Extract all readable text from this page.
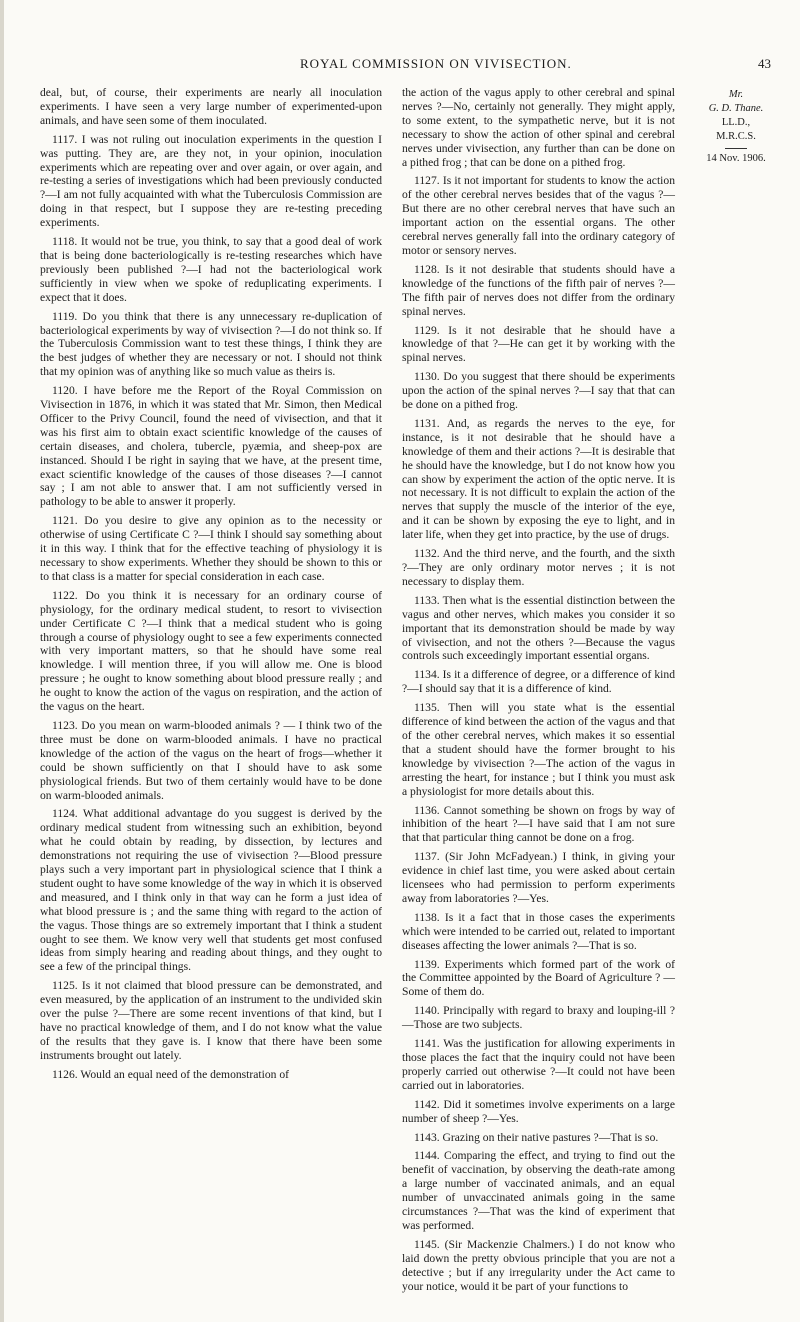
ROYAL COMMISSION ON VIVISECTION.	43

deal, but, of course, their experiments are nearly all inoculation experiments. I have seen a very large number of experimented-upon animals, and have seen some of them inoculated.

1117. I was not ruling out inoculation experiments in the question I was putting. They are, are they not, in your opinion, inoculation experiments which are repeating over and over again, or over again, and re-testing a series of investigations which had been previously conducted ?—I am not fully acquainted with what the Tuberculosis Commission are doing in that respect, but I suppose they are re-testing preceding experiments.

1118. It would not be true, you think, to say that a good deal of work that is being done bacteriologically is re-testing researches which have previously been published ?—I had not the bacteriological work sufficiently in view when we spoke of reduplicating experiments. I expect that it does.

1119. Do you think that there is any unnecessary re-duplication of bacteriological experiments by way of vivisection ?—I do not think so. If the Tuberculosis Commission want to test these things, I think they are the best judges of whether they are necessary or not. I should not think that my opinion was of anything like so much value as theirs is.

1120. I have before me the Report of the Royal Commission on Vivisection in 1876, in which it was stated that Mr. Simon, then Medical Officer to the Privy Council, found the need of vivisection, and that it was his first aim to obtain exact scientific knowledge of the causes of certain diseases, and cholera, tubercle, pyæmia, and sheep-pox are instanced. Should I be right in saying that we have, at the present time, exact scientific knowledge of the causes of those diseases ?—I cannot say ; I am not able to answer that. I am not sufficiently versed in pathology to be able to answer it properly.

1121. Do you desire to give any opinion as to the necessity or otherwise of using Certificate C ?—I think I should say something about it in this way. I think that for the effective teaching of physiology it is necessary to show experiments. Whether they should be shown to this or to that class is a matter for special consideration in each case.

1122. Do you think it is necessary for an ordinary course of physiology, for the ordinary medical student, to resort to vivisection under Certificate C ?—I think that a medical student who is going through a course of physiology ought to see a few experiments connected with very important matters, so that he should have some real knowledge. I will mention three, if you will allow me. One is blood pressure ; he ought to know something about blood pressure really ; and he ought to know the action of the vagus on respiration, and the action of the vagus on the heart.

1123. Do you mean on warm-blooded animals ? — I think two of the three must be done on warm-blooded animals. I have no practical knowledge of the action of the vagus on the heart of frogs—whether it could be shown sufficiently on that I should have to ask some physiological friends. But two of them certainly would have to be done on warm-blooded animals.

1124. What additional advantage do you suggest is derived by the ordinary medical student from witnessing such an exhibition, beyond what he could obtain by reading, by dissection, by lectures and demonstrations not requiring the use of vivisection ?—Blood pressure plays such a very important part in physiological science that I think a student ought to have some knowledge of the way in which it is observed and measured, and I think only in that way can he form a just idea of what blood pressure is ; and the same thing with regard to the action of the vagus. Those things are so extremely important that I think a student ought to see them. We know very well that students get most confused ideas from simply hearing and reading about things, and they ought to see a few of the principal things.

1125. Is it not claimed that blood pressure can be demonstrated, and even measured, by the application of an instrument to the undivided skin over the pulse ?—There are some recent inventions of that kind, but I have no practical knowledge of them, and I do not know what the value of the results that they gave is. I know that there have been some instruments brought out lately.

1126. Would an equal need of the demonstration of

the action of the vagus apply to other cerebral and spinal nerves ?—No, certainly not generally. They might apply, to some extent, to the sympathetic nerve, but it is not necessary to show the action of other spinal and cerebral nerves under vivisection, any further than can be done on a pithed frog ; that can be done on a pithed frog.

1127. Is it not important for students to know the action of the other cerebral nerves besides that of the vagus ?—But there are no other cerebral nerves that have such an important action on the essential organs. The other cerebral nerves generally fall into the ordinary category of motor or sensory nerves.

1128. Is it not desirable that students should have a knowledge of the functions of the fifth pair of nerves ?—The fifth pair of nerves does not differ from the ordinary spinal nerves.

1129. Is it not desirable that he should have a knowledge of that ?—He can get it by working with the spinal nerves.

1130. Do you suggest that there should be experiments upon the action of the spinal nerves ?—I say that that can be done on a pithed frog.

1131. And, as regards the nerves to the eye, for instance, is it not desirable that he should have a knowledge of them and their actions ?—It is desirable that he should have the knowledge, but I do not know how you can show by experiment the action of the optic nerve. It is not necessary. It is not difficult to explain the action of the nerves that supply the muscle of the interior of the eye, and it can be shown by exposing the eye to light, and in later life, when they get into practice, by the use of drugs.

1132. And the third nerve, and the fourth, and the sixth ?—They are only ordinary motor nerves ; it is not necessary to display them.

1133. Then what is the essential distinction between the vagus and other nerves, which makes you consider it so important that its demonstration should be made by way of vivisection, and not the others ?—Because the vagus controls such exceedingly important essential organs.

1134. Is it a difference of degree, or a difference of kind ?—I should say that it is a difference of kind.

1135. Then will you state what is the essential difference of kind between the action of the vagus and that of the other cerebral nerves, which makes it so essential that a student should have the former brought to his knowledge by vivisection ?—The action of the vagus in arresting the heart, for instance ; but I think you must ask a physiologist for more details about this.

1136. Cannot something be shown on frogs by way of inhibition of the heart ?—I have said that I am not sure that that particular thing cannot be done on a frog.

1137. (Sir John McFadyean.) I think, in giving your evidence in chief last time, you were asked about certain licensees who had permission to perform experiments away from laboratories ?—Yes.

1138. Is it a fact that in those cases the experiments which were intended to be carried out, related to important diseases affecting the lower animals ?—That is so.

1139. Experiments which formed part of the work of the Committee appointed by the Board of Agriculture ? —Some of them do.

1140. Principally with regard to braxy and louping-ill ?—Those are two subjects.

1141. Was the justification for allowing experiments in those places the fact that the inquiry could not have been properly carried out otherwise ?—It could not have been carried out in laboratories.

1142. Did it sometimes involve experiments on a large number of sheep ?—Yes.

1143. Grazing on their native pastures ?—That is so.

1144. Comparing the effect, and trying to find out the benefit of vaccination, by observing the death-rate among a large number of vaccinated animals, and an equal number of unvaccinated animals going in the same circumstances ?—That was the kind of experiment that was performed.

1145. (Sir Mackenzie Chalmers.) I do not know who laid down the pretty obvious principle that you are not a detective ; but if any irregularity under the Act came to your notice, would it be part of your functions to

Mr.
G. D. Thane.
LL.D.,
M.R.C.S.
14 Nov. 1906.
